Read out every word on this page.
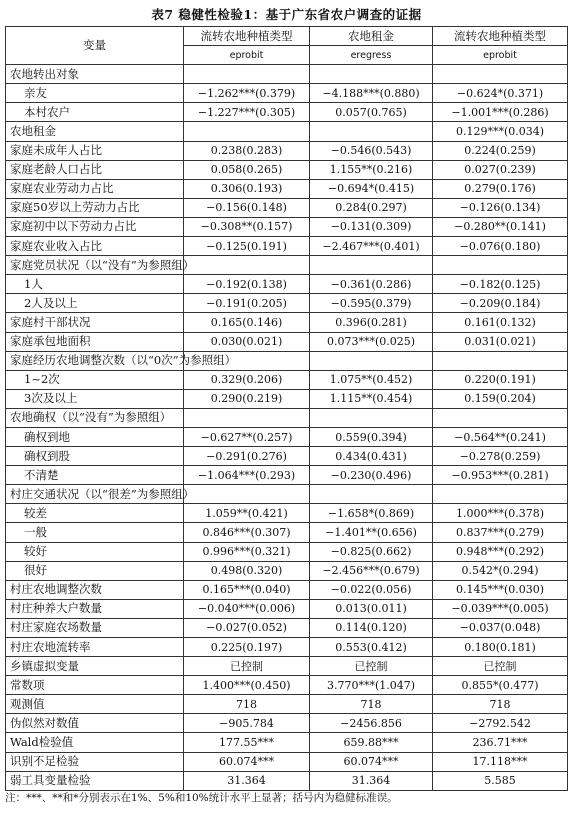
表7 稳健性检验1：基于广东省农户调查的证据
变量	流转农地种植类型	农地租金	流转农地种植类型
	eprobit	eregress	eprobit
农地转出对象			
亲友	−1.262***(0.379)	−4.188***(0.880)	−0.624*(0.371)
本村农户	−1.227***(0.305)	0.057(0.765)	−1.001***(0.286)
农地租金			0.129***(0.034)
家庭未成年人占比	0.238(0.283)	−0.546(0.543)	0.224(0.259)
家庭老龄人口占比	0.058(0.265)	1.155**(0.216)	0.027(0.239)
家庭农业劳动力占比	0.306(0.193)	−0.694*(0.415)	0.279(0.176)
家庭50岁以上劳动力占比	−0.156(0.148)	0.284(0.297)	−0.126(0.134)
家庭初中以下劳动力占比	−0.308**(0.157)	−0.131(0.309)	−0.280**(0.141)
家庭农业收入占比	−0.125(0.191)	−2.467***(0.401)	−0.076(0.180)
家庭党员状况（以“没有”为参照组）			
1人	−0.192(0.138)	−0.361(0.286)	−0.182(0.125)
2人及以上	−0.191(0.205)	−0.595(0.379)	−0.209(0.184)
家庭村干部状况	0.165(0.146)	0.396(0.281)	0.161(0.132)
家庭承包地面积	0.030(0.021)	0.073***(0.025)	0.031(0.021)
家庭经历农地调整次数（以“0次”为参照组）			
1~2次	0.329(0.206)	1.075**(0.452)	0.220(0.191)
3次及以上	0.290(0.219)	1.115**(0.454)	0.159(0.204)
农地确权（以“没有”为参照组）			
确权到地	−0.627**(0.257)	0.559(0.394)	−0.564**(0.241)
确权到股	−0.291(0.276)	0.434(0.431)	−0.278(0.259)
不清楚	−1.064***(0.293)	−0.230(0.496)	−0.953***(0.281)
村庄交通状况（以“很差”为参照组）			
较差	1.059**(0.421)	−1.658*(0.869)	1.000***(0.378)
一般	0.846***(0.307)	−1.401**(0.656)	0.837***(0.279)
较好	0.996***(0.321)	−0.825(0.662)	0.948***(0.292)
很好	0.498(0.320)	−2.456***(0.679)	0.542*(0.294)
村庄农地调整次数	0.165***(0.040)	−0.022(0.056)	0.145***(0.030)
村庄种养大户数量	−0.040***(0.006)	0.013(0.011)	−0.039***(0.005)
村庄家庭农场数量	−0.027(0.052)	0.114(0.120)	−0.037(0.048)
村庄农地流转率	0.225(0.197)	0.553(0.412)	0.180(0.181)
乡镇虚拟变量	已控制	已控制	已控制
常数项	1.400***(0.450)	3.770***(1.047)	0.855*(0.477)
观测值	718	718	718
伪似然对数值	−905.784	−2456.856	−2792.542
Wald检验值	177.55***	659.88***	236.71***
识别不足检验	60.074***	60.074***	17.118***
弱工具变量检验	31.364	31.364	5.585
注：***、**和*分别表示在1%、5%和10%统计水平上显著；括号内为稳健标准误。
